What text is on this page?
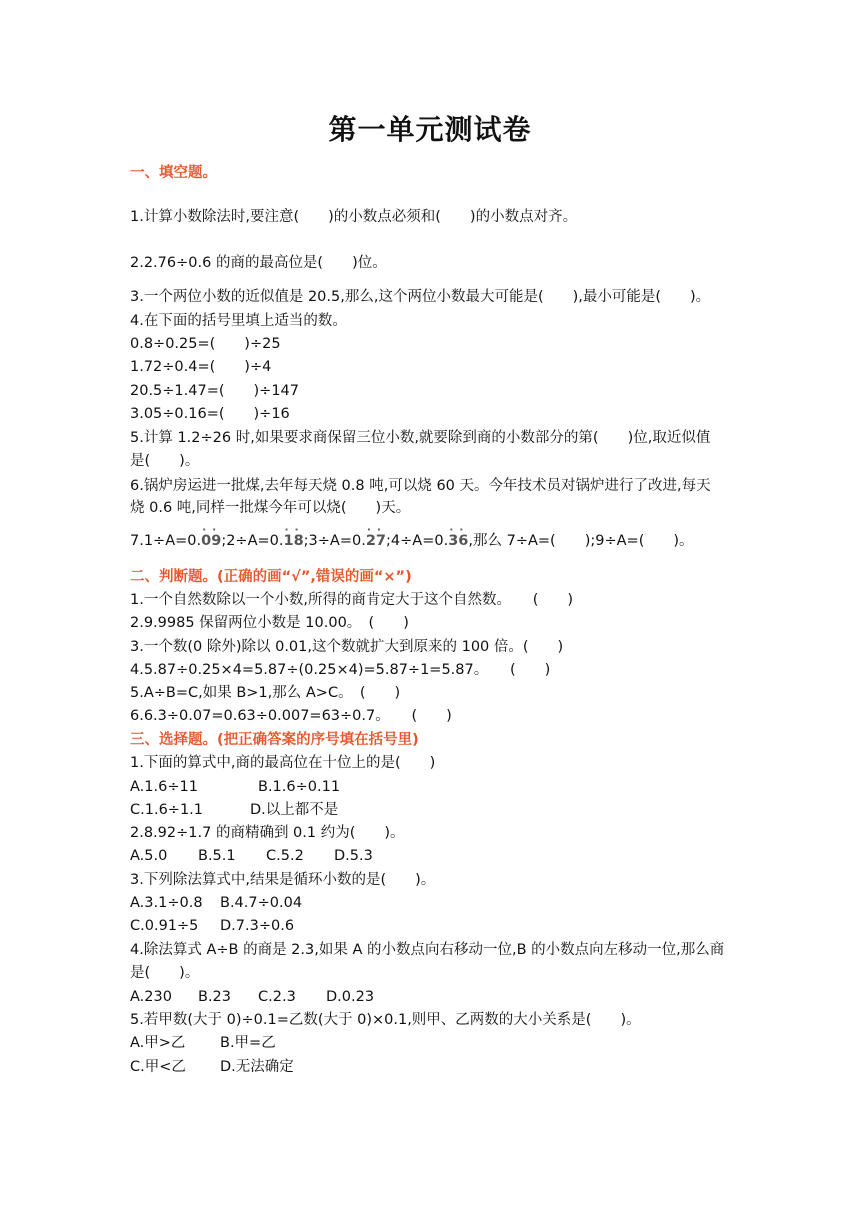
第一单元测试卷
一、填空题。
1.计算小数除法时,要注意(　　)的小数点必须和(　　)的小数点对齐。
2.2.76÷0.6 的商的最高位是(　　)位。
3.一个两位小数的近似值是 20.5,那么,这个两位小数最大可能是(　　),最小可能是(　　)。
4.在下面的括号里填上适当的数。
0.8÷0.25=(　　)÷25
1.72÷0.4=(　　)÷4
20.5÷1.47=(　　)÷147
3.05÷0.16=(　　)÷16
5.计算 1.2÷26 时,如果要求商保留三位小数,就要除到商的小数部分的第(　　)位,取近似值
是(　　)。
6.锅炉房运进一批煤,去年每天烧 0.8 吨,可以烧 60 天。今年技术员对锅炉进行了改进,每天
烧 0.6 吨,同样一批煤今年可以烧(　　)天。
7.1÷A=0.· · 09;2÷A=0.· · 18;3÷A=0.· · 27;4÷A=0.· · 36,那么 7÷A=(　　);9÷A=(　　)。
二、判断题。(正确的画“√”,错误的画“×”)
1.一个自然数除以一个小数,所得的商肯定大于这个自然数。　　(　　)
2.9.9985 保留两位小数是 10.00。　(　　)
3.一个数(0 除外)除以 0.01,这个数就扩大到原来的 100 倍。(　　)
4.5.87÷0.25×4=5.87÷(0.25×4)=5.87÷1=5.87。　　(　　)
5.A÷B=C,如果 B>1,那么 A>C。　(　　)
6.6.3÷0.07=0.63÷0.007=63÷0.7。　　(　　)
三、选择题。(把正确答案的序号填在括号里)
1.下面的算式中,商的最高位在十位上的是(　　)
A.1.6÷11	B.1.6÷0.11
C.1.6÷1.1	D.以上都不是
2.8.92÷1.7 的商精确到 0.1 约为(　　)。
A.5.0 B.5.1 C.5.2 D.5.3
3.下列除法算式中,结果是循环小数的是(　　)。
A.3.1÷0.8 B.4.7÷0.04
C.0.91÷5 D.7.3÷0.6
4.除法算式 A÷B 的商是 2.3,如果 A 的小数点向右移动一位,B 的小数点向左移动一位,那么商
是(　　)。
A.230 B.23 C.2.3 D.0.23
5.若甲数(大于 0)÷0.1=乙数(大于 0)×0.1,则甲、乙两数的大小关系是(　　)。
A.甲>乙 B.甲=乙
C.甲<乙 D.无法确定
